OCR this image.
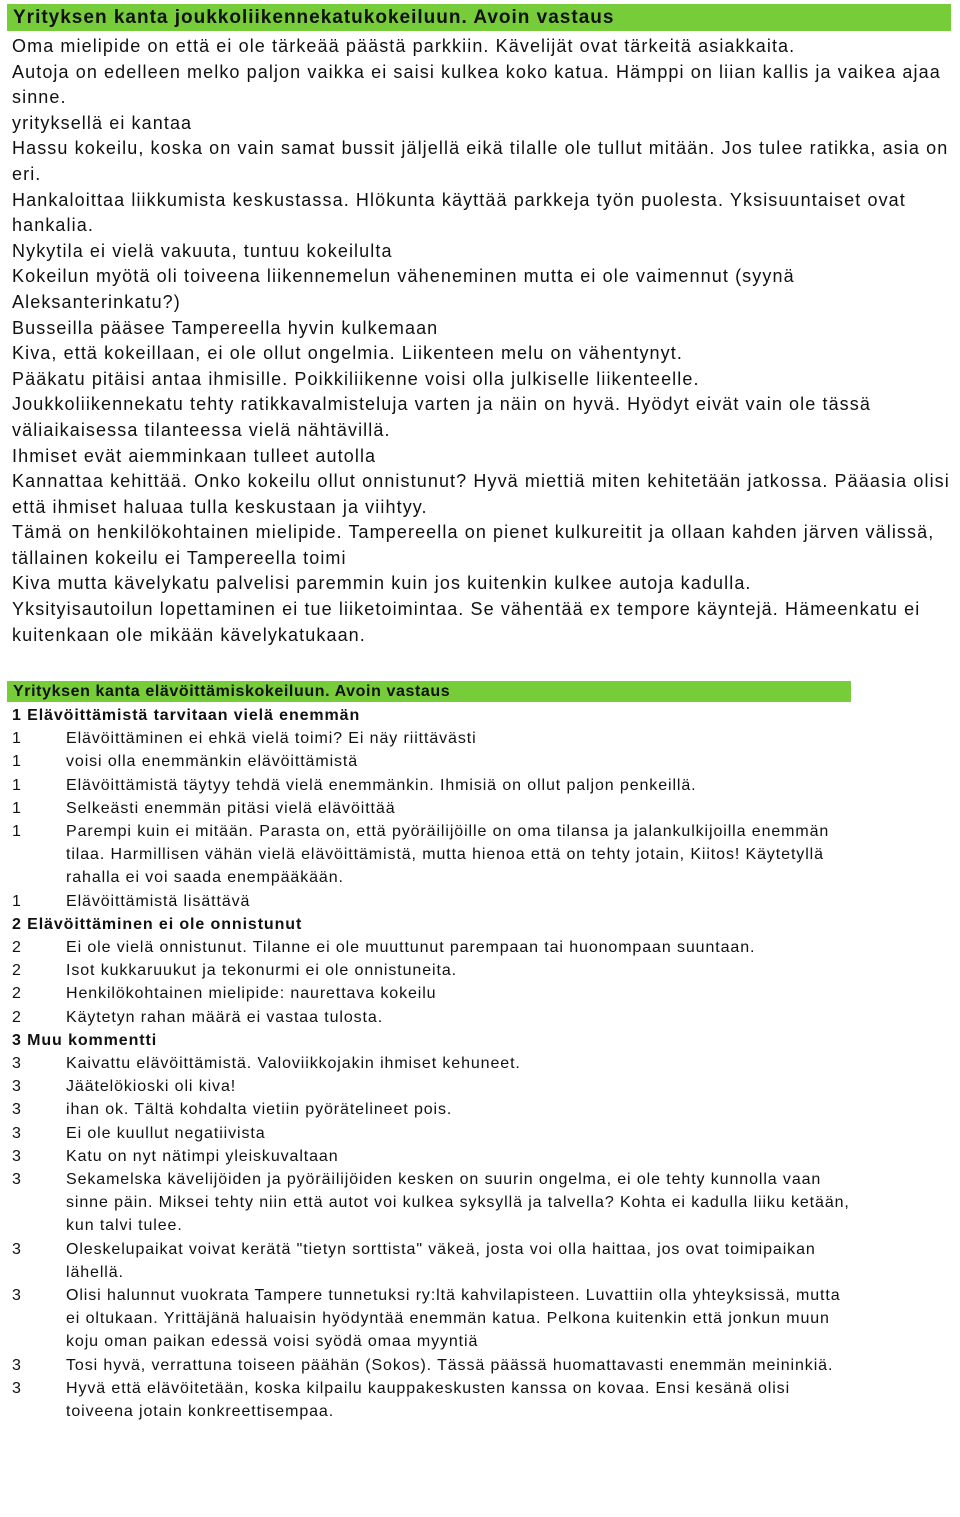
Yrityksen kanta joukkoliikennekatukokeiluun. Avoin vastaus
Oma mielipide on että ei ole tärkeää päästä parkkiin. Kävelijät ovat tärkeitä asiakkaita.
Autoja on edelleen melko paljon vaikka ei saisi kulkea koko katua. Hämppi on liian kallis ja vaikea ajaa sinne.
yrityksellä ei kantaa
Hassu kokeilu, koska on vain samat bussit jäljellä eikä tilalle ole tullut mitään. Jos tulee ratikka, asia on eri.
Hankaloittaa liikkumista keskustassa. Hlökunta käyttää parkkeja työn puolesta. Yksisuuntaiset ovat hankalia.
Nykytila ei vielä vakuuta, tuntuu kokeilulta
Kokeilun myötä oli toiveena liikennemelun väheneminen mutta ei ole vaimennut (syynä Aleksanterinkatu?)
Busseilla pääsee Tampereella hyvin kulkemaan
Kiva, että kokeillaan, ei ole ollut ongelmia. Liikenteen melu on vähentynyt.
Pääkatu pitäisi antaa ihmisille. Poikkiliikenne voisi olla julkiselle liikenteelle.
Joukkoliikennekatu tehty ratikkavalmisteluja varten ja näin on hyvä. Hyödyt eivät vain ole tässä väliaikaisessa tilanteessa vielä nähtävillä.
Ihmiset evät aiemminkaan tulleet autolla
Kannattaa kehittää. Onko kokeilu ollut onnistunut? Hyvä miettiä miten kehitetään jatkossa. Pääasia olisi että ihmiset haluaa tulla keskustaan ja viihtyy.
Tämä on henkilökohtainen mielipide. Tampereella on pienet kulkureitit ja ollaan kahden järven välissä, tällainen kokeilu ei Tampereella toimi
Kiva mutta kävelykatu palvelisi paremmin kuin jos kuitenkin kulkee autoja kadulla.
Yksityisautoilun lopettaminen ei tue liiketoimintaa. Se vähentää ex tempore käyntejä. Hämeenkatu ei kuitenkaan ole mikään kävelykatukaan.
Yrityksen kanta elävöittämiskokeiluun. Avoin vastaus
1 Elävöittämistä tarvitaan vielä enemmän
1	Elävöittäminen ei ehkä vielä toimi? Ei näy riittävästi
1	voisi olla enemmänkin elävöittämistä
1	Elävöittämistä täytyy tehdä vielä enemmänkin. Ihmisiä on ollut paljon penkeillä.
1	Selkeästi enemmän pitäsi vielä elävöittää
1	Parempi kuin ei mitään. Parasta on, että pyöräilijöille on oma tilansa ja jalankulkijoilla enemmän tilaa. Harmillisen vähän vielä elävöittämistä, mutta hienoa että on tehty jotain, Kiitos! Käytetyllä rahalla ei voi saada enempääkään.
1	Elävöittämistä lisättävä
2 Elävöittäminen ei ole onnistunut
2	Ei ole vielä onnistunut. Tilanne ei ole muuttunut parempaan tai huonompaan suuntaan.
2	Isot kukkaruukut ja tekonurmi ei ole onnistuneita.
2	Henkilökohtainen mielipide: naurettava kokeilu
2	Käytetyn rahan määrä ei vastaa tulosta.
3 Muu kommentti
3	Kaivattu elävöittämistä. Valoviikkojakin ihmiset kehuneet.
3	Jäätelökioski oli kiva!
3	ihan ok. Tältä kohdalta vietiin pyörätelineet pois.
3	Ei ole kuullut negatiivista
3	Katu on nyt nätimpi yleiskuvaltaan
3	Sekamelska kävelijöiden ja pyöräilijöiden kesken on suurin ongelma, ei ole tehty kunnolla vaan sinne päin. Miksei tehty niin että autot voi kulkea syksyllä ja talvella? Kohta ei kadulla liiku ketään, kun talvi tulee.
3	Oleskelupaikat voivat kerätä "tietyn sorttista" väkeä, josta voi olla haittaa, jos ovat toimipaikan lähellä.
3	Olisi halunnut vuokrata Tampere tunnetuksi ry:ltä kahvilapisteen. Luvattiin olla yhteyksissä, mutta ei oltukaan. Yrittäjänä haluaisin hyödyntää enemmän katua. Pelkona kuitenkin että jonkun muun koju oman paikan edessä voisi syödä omaa myyntiä
3	Tosi hyvä, verrattuna toiseen päähän (Sokos). Tässä päässä huomattavasti enemmän meininkiä.
3	Hyvä että elävöitetään, koska kilpailu kauppakeskusten kanssa on kovaa. Ensi kesänä olisi toiveena jotain konkreettisempaa.
